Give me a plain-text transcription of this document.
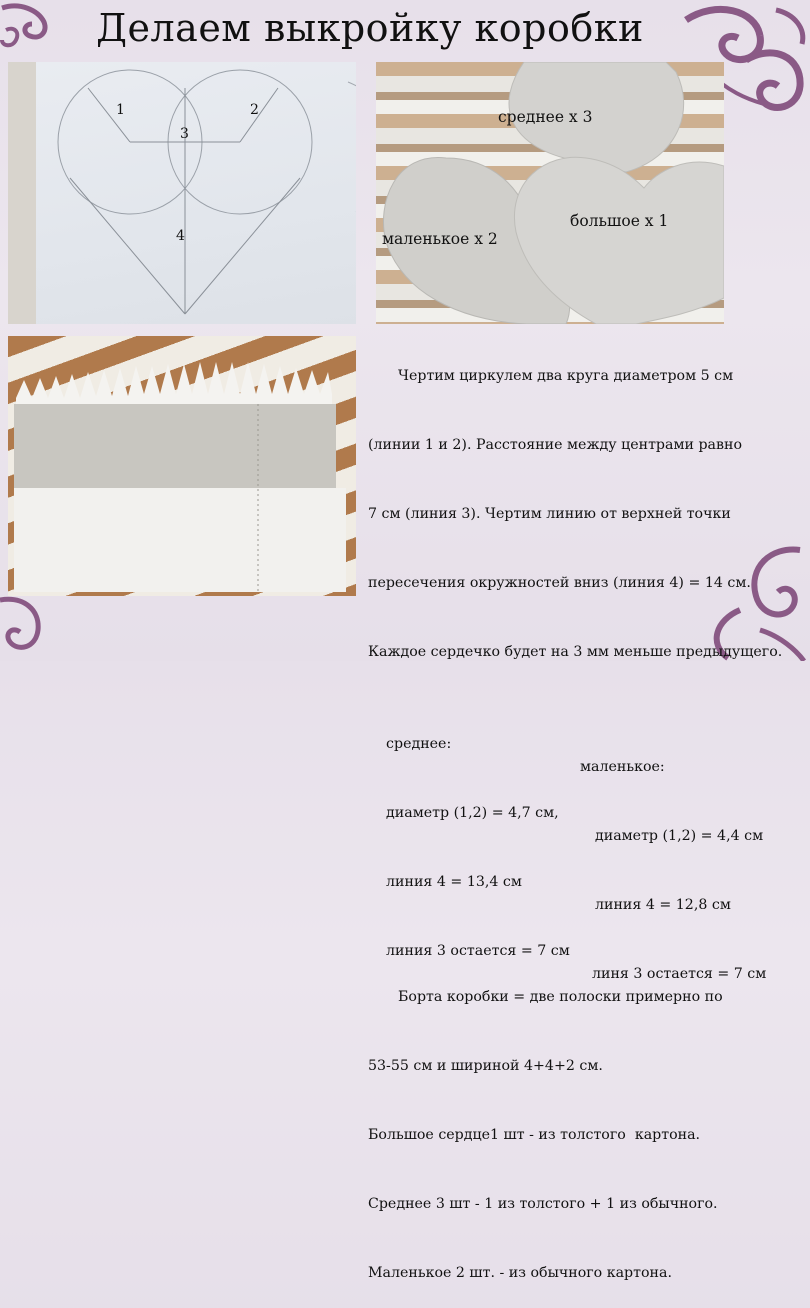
Делаем выкройку коробки
1	2
3
4
среднее х 3
маленькое х 2
большое х 1

Чертим циркулем два круга диаметром 5 см

(линии 1 и 2). Расстояние между центрами равно

7 см (линия 3). Чертим линию от верхней точки

пересечения окружностей вниз (линия 4) = 14 см.

Каждое сердечко будет на 3 мм меньше предыдущего.

среднее:

маленькое:

диаметр (1,2) = 4,7 см,

диаметр (1,2) = 4,4 см

линия 4 = 13,4 см

линия 4 = 12,8 см

линия 3 остается = 7 см

линя 3 остается = 7 см

Борта коробки = две полоски примерно по

53-55 см и шириной 4+4+2 см.

Большое сердце1 шт - из толстого  картона.

Среднее 3 шт - 1 из толстого + 1 из обычного.

Маленькое 2 шт. - из обычного картона.
